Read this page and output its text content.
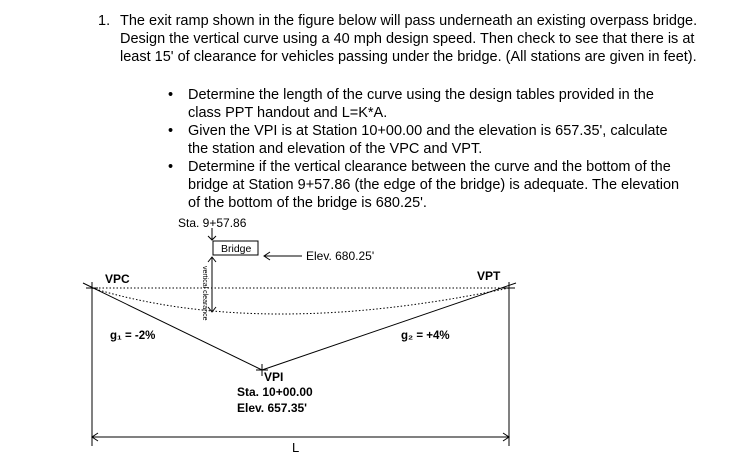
1. The exit ramp shown in the figure below will pass underneath an existing overpass bridge. Design the vertical curve using a 40 mph design speed. Then check to see that there is at least 15' of clearance for vehicles passing under the bridge. (All stations are given in feet).
• Determine the length of the curve using the design tables provided in the class PPT handout and L=K*A.
• Given the VPI is at Station 10+00.00 and the elevation is 657.35', calculate the station and elevation of the VPC and VPT.
• Determine if the vertical clearance between the curve and the bottom of the bridge at Station 9+57.86 (the edge of the bridge) is adequate. The elevation of the bottom of the bridge is 680.25'.
Sta. 9+57.86
Bridge	Elev. 680.25'
vertical clearance
VPC	VPT
g₁ = -2%	g₂ = +4%
VPI
Sta. 10+00.00
Elev. 657.35'
L
